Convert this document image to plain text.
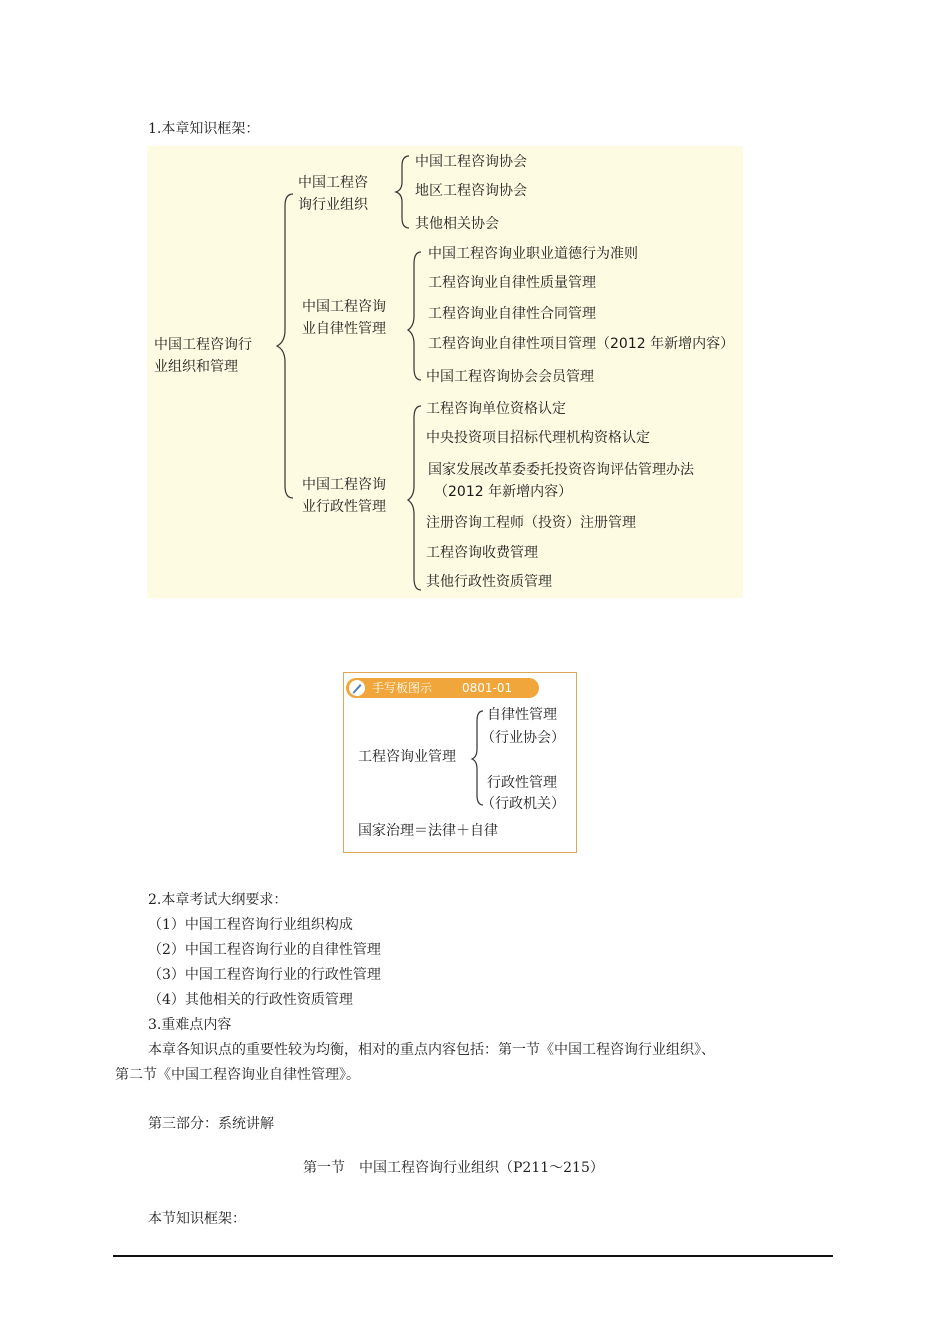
1.本章知识框架：
中国工程咨询行
业组织和管理
中国工程咨
询行业组织
中国工程咨询协会
地区工程咨询协会
其他相关协会
中国工程咨询
业自律性管理
中国工程咨询业职业道德行为准则
工程咨询业自律性质量管理
工程咨询业自律性合同管理
工程咨询业自律性项目管理（2012 年新增内容）
中国工程咨询协会会员管理
中国工程咨询
业行政性管理
工程咨询单位资格认定
中央投资项目招标代理机构资格认定
国家发展改革委委托投资咨询评估管理办法
（2012 年新增内容）
注册咨询工程师（投资）注册管理
工程咨询收费管理
其他行政性资质管理
手写板图示 0801-01
工程咨询业管理
自律性管理
（行业协会）
行政性管理
（行政机关）
国家治理＝法律＋自律
2.本章考试大纲要求：
（1）中国工程咨询行业组织构成
（2）中国工程咨询行业的自律性管理
（3）中国工程咨询行业的行政性管理
（4）其他相关的行政性资质管理
3.重难点内容
本章各知识点的重要性较为均衡，相对的重点内容包括：第一节《中国工程咨询行业组织》、
第二节《中国工程咨询业自律性管理》。
第三部分：系统讲解
第一节　中国工程咨询行业组织（P211～215）
本节知识框架：
